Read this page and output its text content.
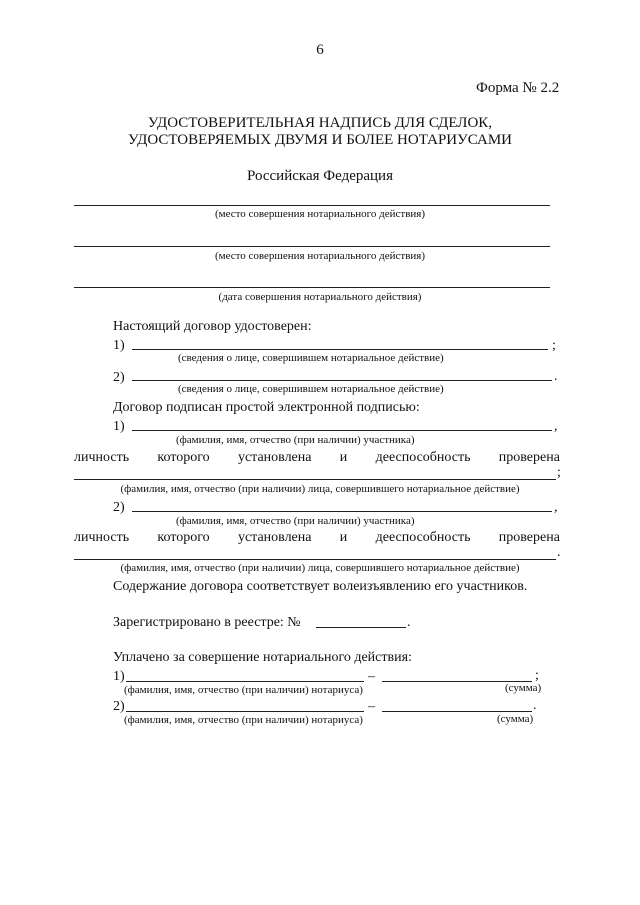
6
Форма № 2.2
УДОСТОВЕРИТЕЛЬНАЯ НАДПИСЬ ДЛЯ СДЕЛОК,
УДОСТОВЕРЯЕМЫХ ДВУМЯ И БОЛЕЕ НОТАРИУСАМИ
Российская Федерация
(место совершения нотариального действия)
(место совершения нотариального действия)
(дата совершения нотариального действия)
Настоящий договор удостоверен:
1)	;
(сведения о лице, совершившем нотариальное действие)
2)	.
(сведения о лице, совершившем нотариальное действие)
Договор подписан простой электронной подписью:
1)	,
(фамилия, имя, отчество (при наличии) участника)
личность которого установлена и дееспособность проверена
;
(фамилия, имя, отчество (при наличии) лица, совершившего нотариальное действие)
2)	,
(фамилия, имя, отчество (при наличии) участника)
личность которого установлена и дееспособность проверена
.
(фамилия, имя, отчество (при наличии) лица, совершившего нотариальное действие)
Содержание договора соответствует волеизъявлению его участников.
Зарегистрировано в реестре: №	.
Уплачено за совершение нотариального действия:
1)	–	;
(фамилия, имя, отчество (при наличии) нотариуса)	(сумма)
2)	–	.
(фамилия, имя, отчество (при наличии) нотариуса)	(сумма)
